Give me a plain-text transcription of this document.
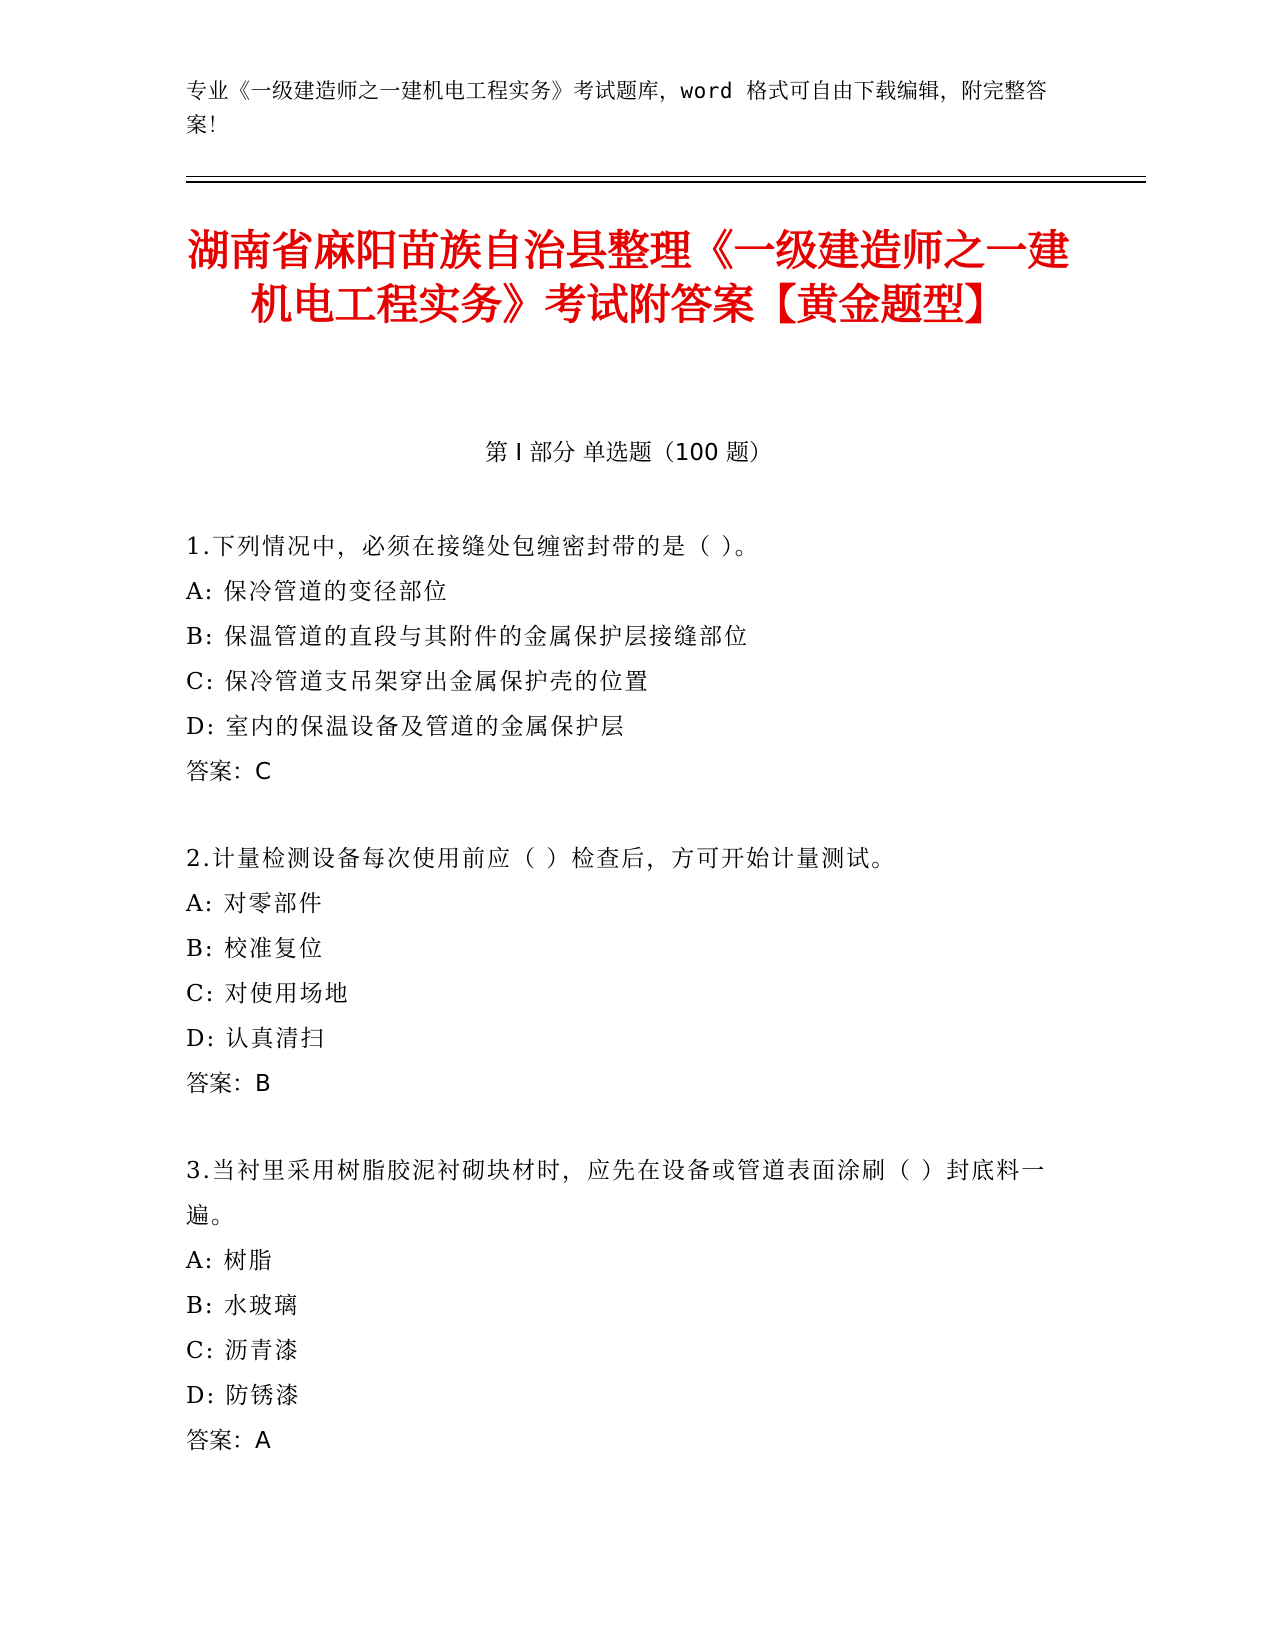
专业《一级建造师之一建机电工程实务》考试题库，word 格式可自由下载编辑，附完整答案！
湖南省麻阳苗族自治县整理《一级建造师之一建机电工程实务》考试附答案【黄金题型】
第 I 部分 单选题（100 题）
1.下列情况中，必须在接缝处包缠密封带的是（ ）。
A: 保冷管道的变径部位
B: 保温管道的直段与其附件的金属保护层接缝部位
C: 保冷管道支吊架穿出金属保护壳的位置
D: 室内的保温设备及管道的金属保护层
答案：C
2.计量检测设备每次使用前应（ ）检查后，方可开始计量测试。
A: 对零部件
B: 校准复位
C: 对使用场地
D: 认真清扫
答案：B
3.当衬里采用树脂胶泥衬砌块材时，应先在设备或管道表面涂刷（ ）封底料一遍。
A: 树脂
B: 水玻璃
C: 沥青漆
D: 防锈漆
答案：A
